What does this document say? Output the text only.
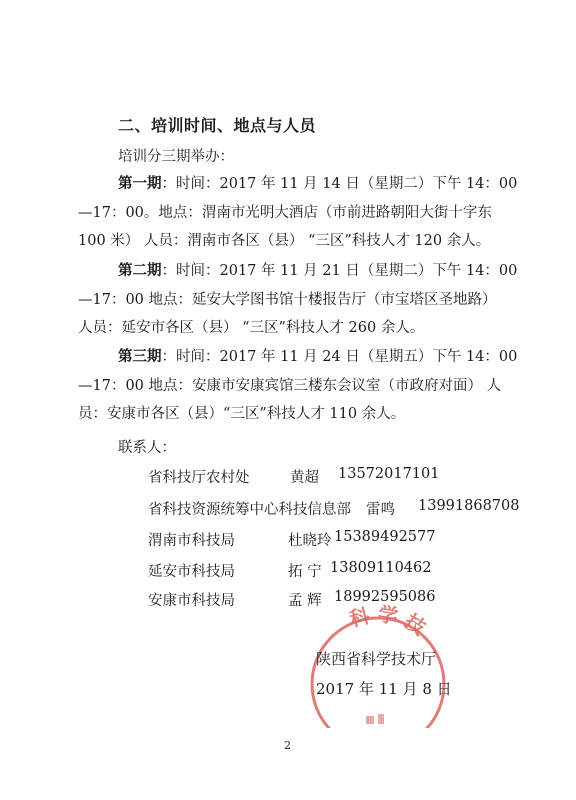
二、培训时间、地点与人员
培训分三期举办：
第一期：时间：2017 年 11 月 14 日（星期二）下午 14：00
—17：00。地点：渭南市光明大酒店（市前进路朝阳大街十字东
100 米） 人员：渭南市各区（县） “三区”科技人才 120 余人。
第二期：时间：2017 年 11 月 21 日（星期二）下午 14：00
—17：00 地点：延安大学图书馆十楼报告厅（市宝塔区圣地路）
人员：延安市各区（县） “三区”科技人才 260 余人。
第三期：时间：2017 年 11 月 24 日（星期五）下午 14：00
—17：00 地点：安康市安康宾馆三楼东会议室（市政府对面） 人
员：安康市各区（县）“三区”科技人才 110 余人。
联系人：
省科技厅农村处	黄超 13572017101
省科技资源统筹中心科技信息部 雷鸣 13991868708
渭南市科技局	杜晓玲 15389492577
延安市科技局	拓 宁 13809110462
安康市科技局	孟 辉 18992595086
科学技
陕西省科学技术厅
2017 年 11 月 8 日
2
